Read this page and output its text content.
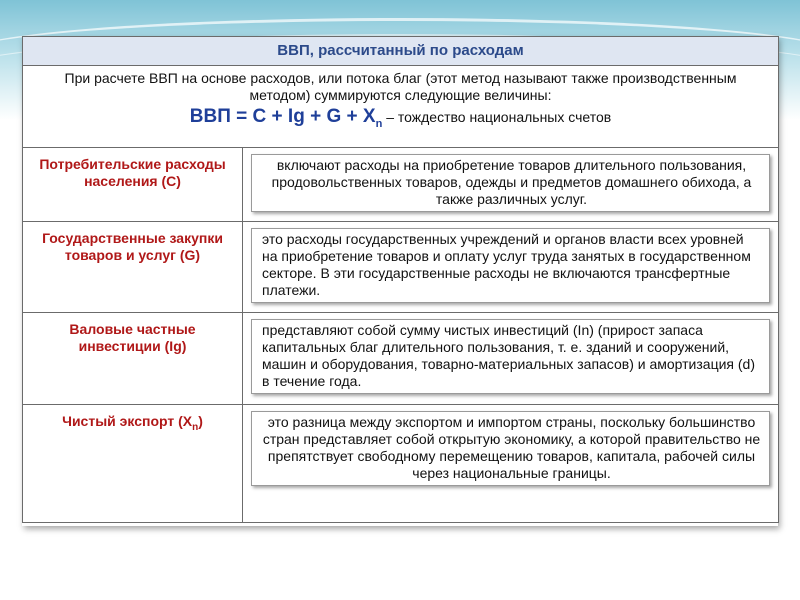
ВВП, рассчитанный по расходам	

При расчете ВВП на основе расходов, или потока благ (этот метод называют также производственным методом) суммируются следующие величины:
ВВП = $C + Ig + G + X_n$ – тождество национальных счетов	

Потребительские расходы населения (С)	включают расходы на приобретение товаров длительного пользования, продовольственных товаров, одежды и предметов домашнего обихода, а также различных услуг.

Государственные закупки товаров и услуг (G)	это расходы государственных учреждений и органов власти всех уровней на приобретение товаров и оплату услуг труда занятых в государственном секторе. В эти государственные расходы не включаются трансфертные платежи.

Валовые частные инвестиции (Ig)	представляют собой сумму чистых инвестиций (In) (прирост запаса капитальных благ длительного пользования, т. е. зданий и сооружений, машин и оборудования, товарно-материальных запасов) и амортизация (d) в течение года.

Чистый экспорт $(X_n)$	это разница между экспортом и импортом страны, поскольку большинство стран представляет собой открытую экономику, а которой правительство не препятствует свободному перемещению товаров, капитала, рабочей силы через национальные границы.
